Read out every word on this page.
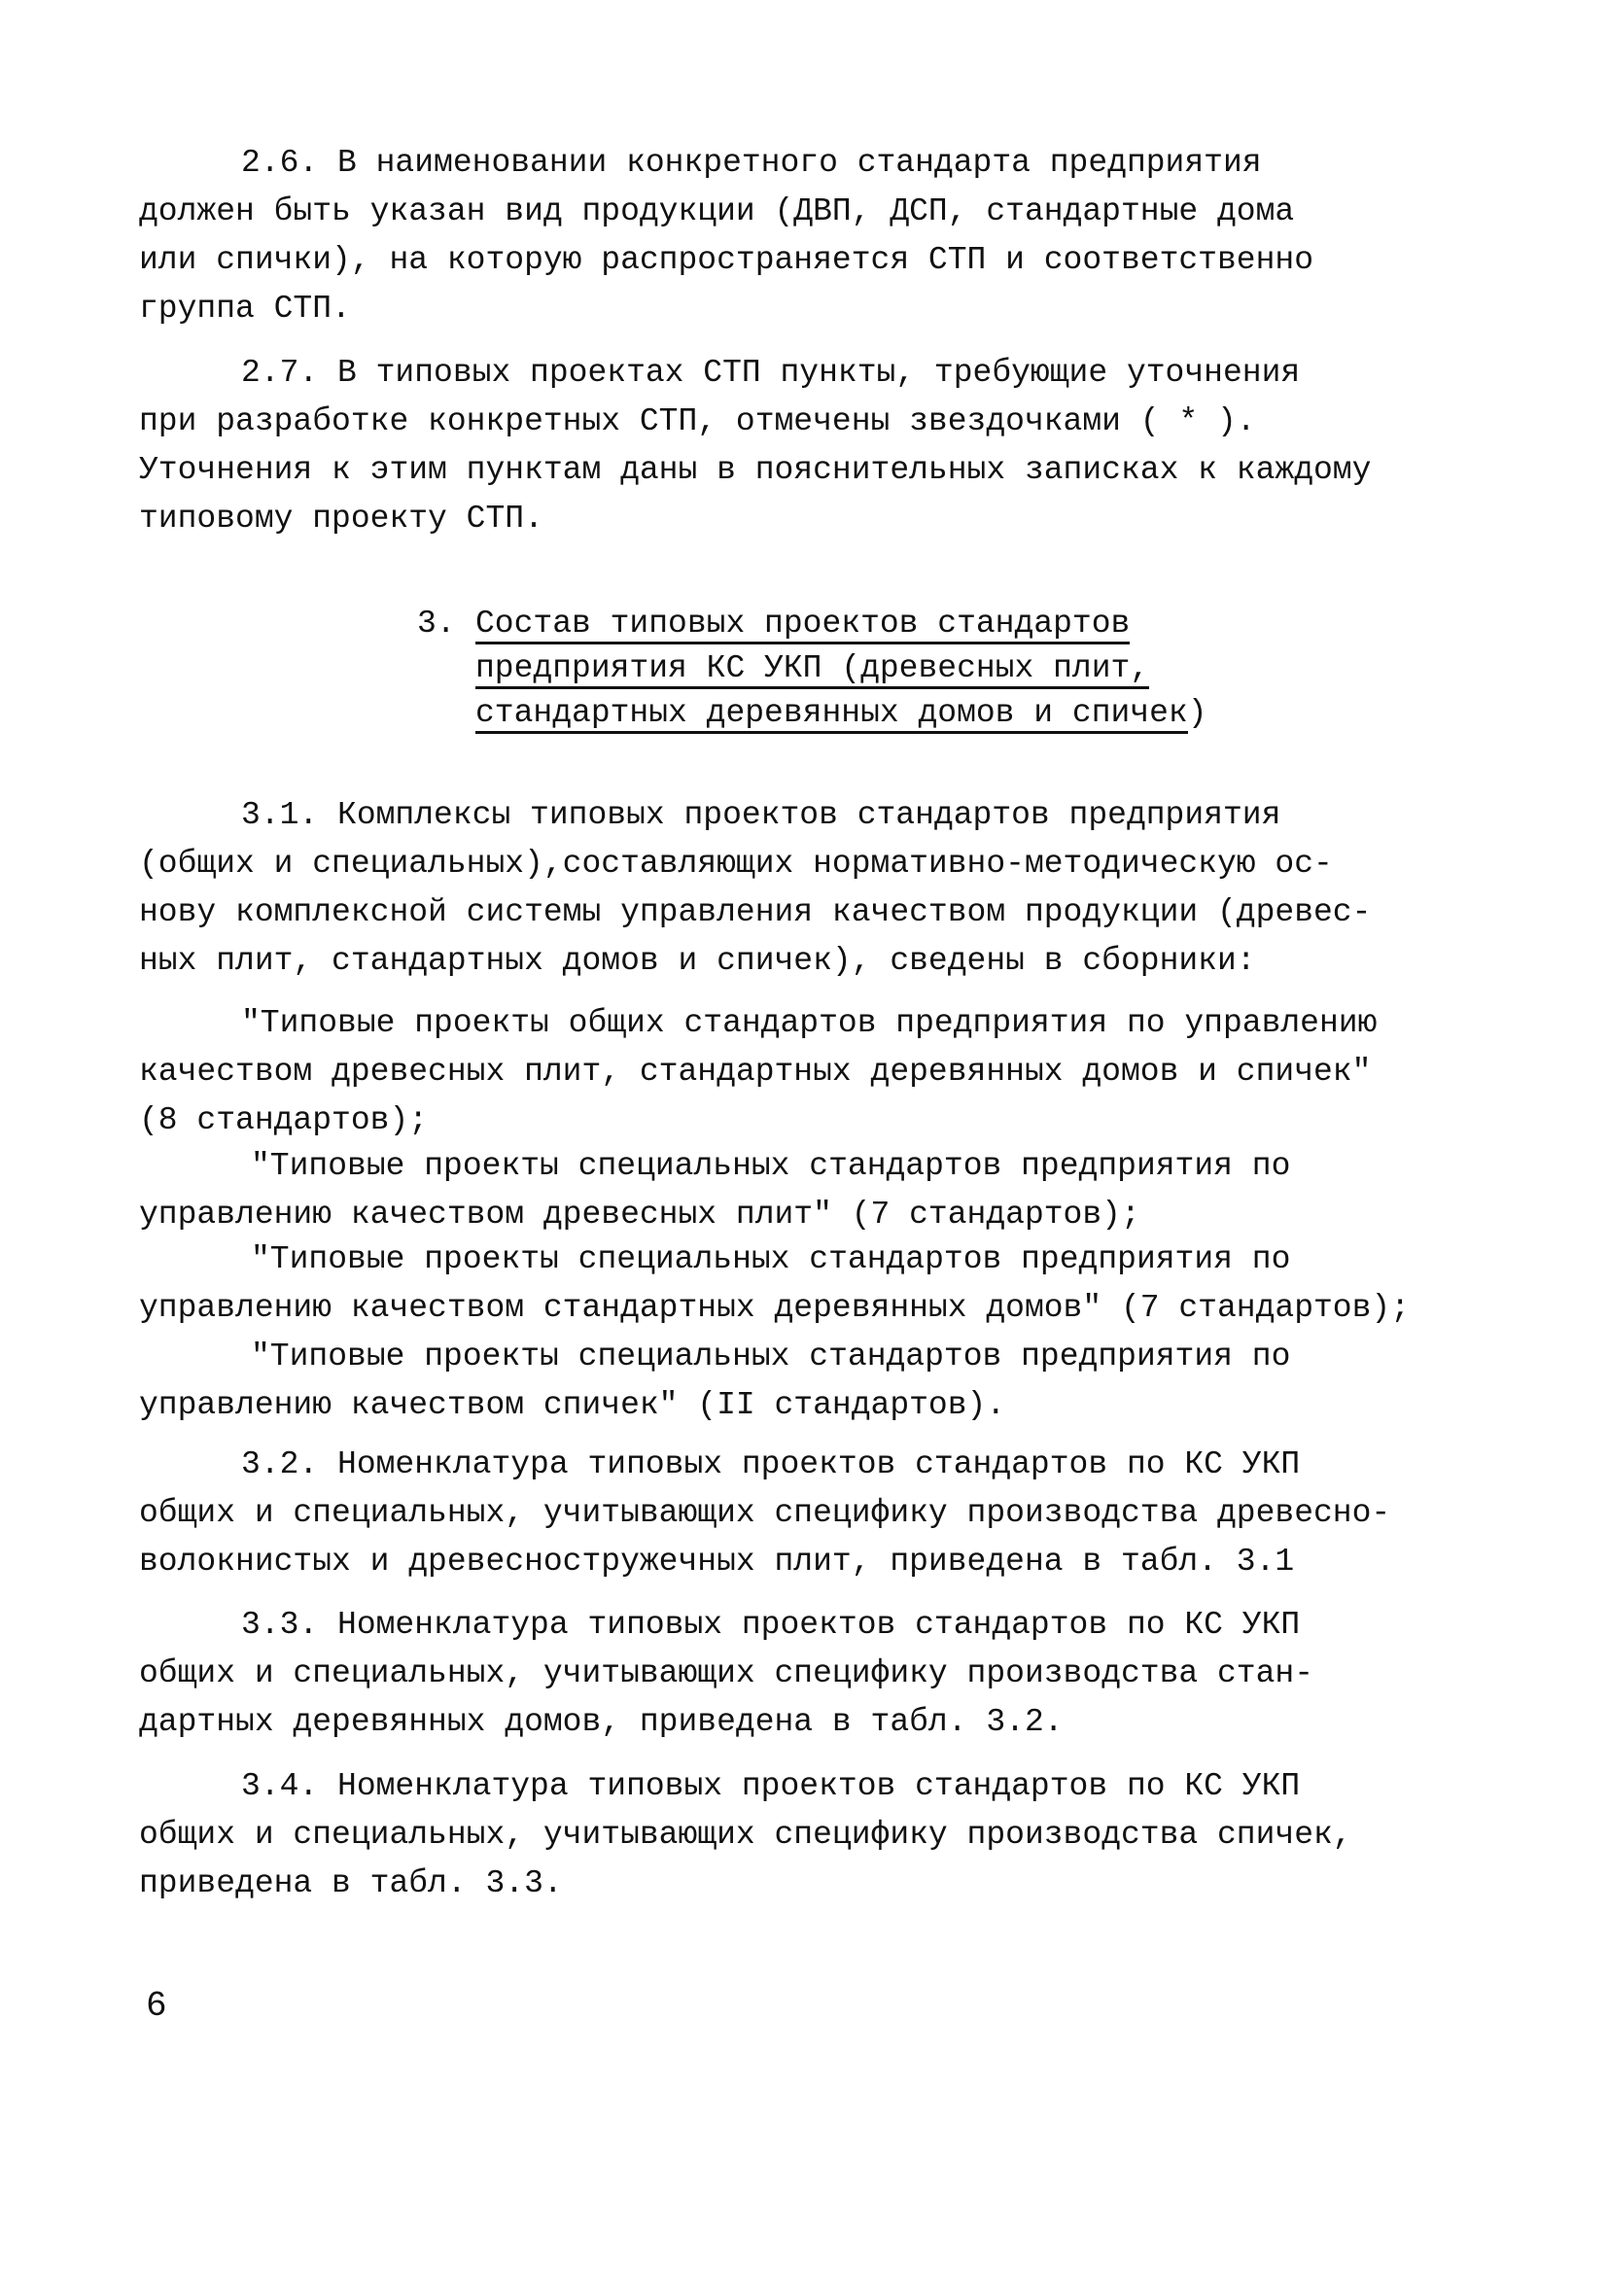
2.6. В наименовании конкретного стандарта предприятия
должен быть указан вид продукции (ДВП, ДСП, стандартные дома
или спички), на которую распространяется СТП и соответственно
группа СТП.
2.7. В типовых проектах СТП пункты, требующие уточнения
при разработке конкретных СТП, отмечены звездочками ( * ).
Уточнения к этим пунктам даны в пояснительных записках к каждому
типовому проекту СТП.
3. Состав типовых проектов стандартов
предприятия КС УКП (древесных плит,
стандартных деревянных домов и спичек)
3.1. Комплексы типовых проектов стандартов предприятия
(общих и специальных),составляющих нормативно-методическую ос-
нову комплексной системы управления качеством продукции (древес-
ных плит, стандартных домов и спичек), сведены в сборники:
"Типовые проекты общих стандартов предприятия по управлению
качеством древесных плит, стандартных деревянных домов и спичек"
(8 стандартов);
"Типовые проекты специальных стандартов предприятия по
управлению качеством древесных плит" (7 стандартов);
"Типовые проекты специальных стандартов предприятия по
управлению качеством стандартных деревянных домов" (7 стандартов);
"Типовые проекты специальных стандартов предприятия по
управлению качеством спичек" (II стандартов).
3.2. Номенклатура типовых проектов стандартов по КС УКП
общих и специальных, учитывающих специфику производства древесно-
волокнистых и древесностружечных плит, приведена в табл. 3.1
3.3. Номенклатура типовых проектов стандартов по КС УКП
общих и специальных, учитывающих специфику производства стан-
дартных деревянных домов, приведена в табл. 3.2.
3.4. Номенклатура типовых проектов стандартов по КС УКП
общих и специальных, учитывающих специфику производства спичек,
приведена в табл. 3.3.
6
